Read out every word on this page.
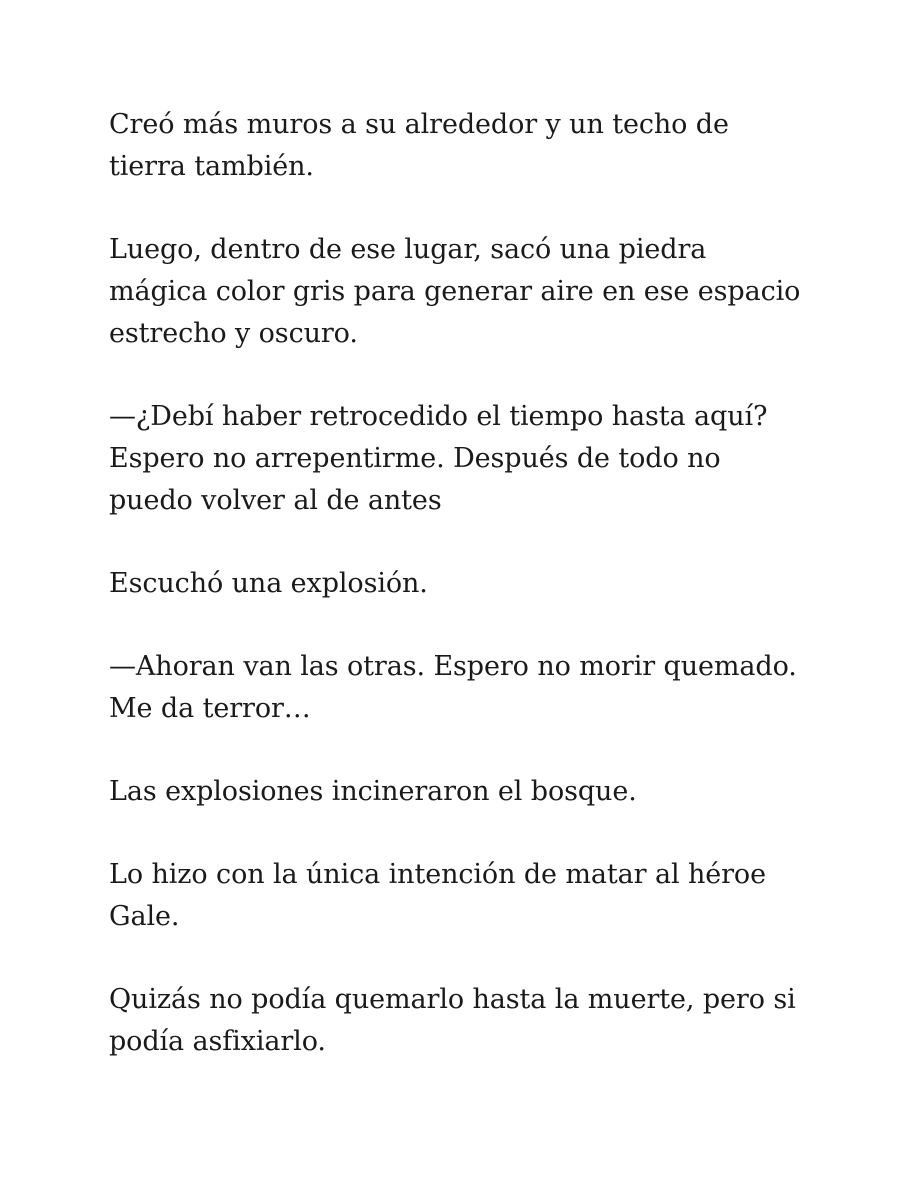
Creó más muros a su alrededor y un techo de tierra también.

Luego, dentro de ese lugar, sacó una piedra mágica color gris para generar aire en ese espacio estrecho y oscuro.

—¿Debí haber retrocedido el tiempo hasta aquí? Espero no arrepentirme. Después de todo no puedo volver al de antes

Escuchó una explosión.

—Ahoran van las otras. Espero no morir quemado. Me da terror…

Las explosiones incineraron el bosque.

Lo hizo con la única intención de matar al héroe Gale.

Quizás no podía quemarlo hasta la muerte, pero si podía asfixiarlo.
